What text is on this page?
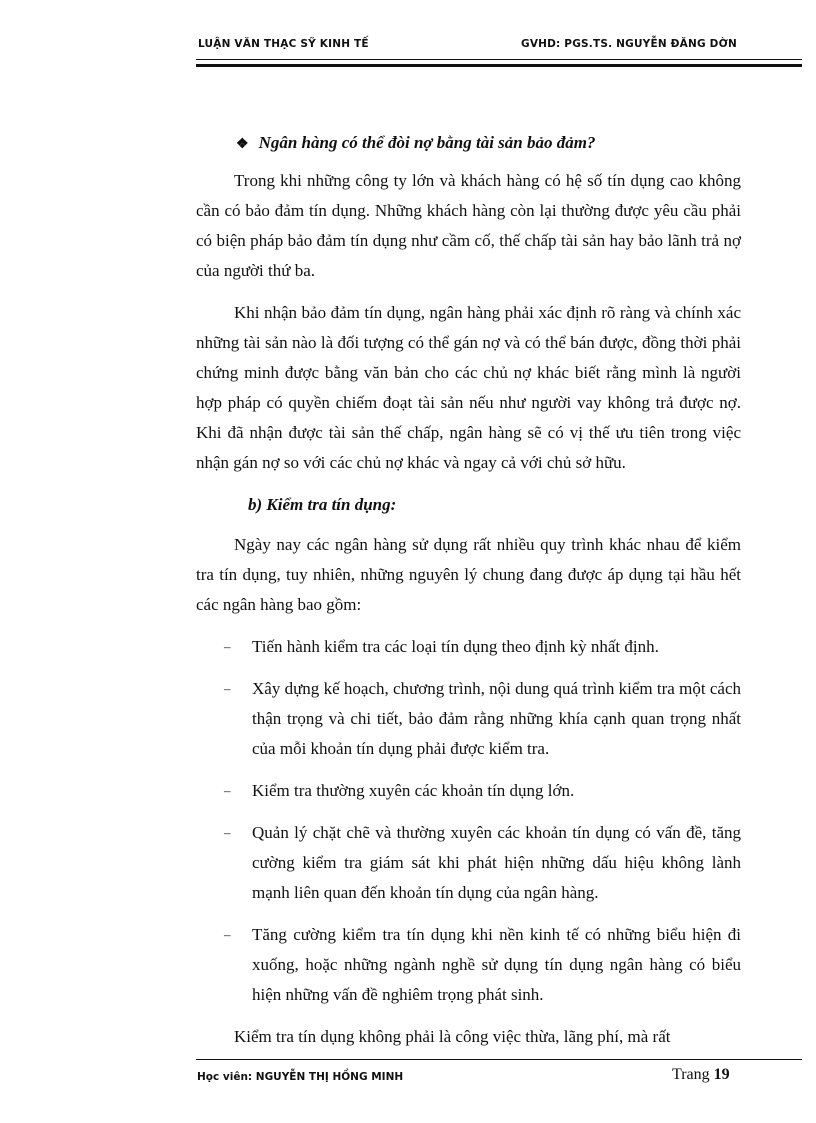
LUẬN VĂN THẠC SỸ KINH TẾ	GVHD: PGS.TS. NGUYỄN ĐĂNG DỜN

❖ Ngân hàng có thể đòi nợ bằng tài sản bảo đảm?

Trong khi những công ty lớn và khách hàng có hệ số tín dụng cao không cần có bảo đảm tín dụng. Những khách hàng còn lại thường được yêu cầu phải có biện pháp bảo đảm tín dụng như cầm cố, thế chấp tài sản hay bảo lãnh trả nợ của người thứ ba.

Khi nhận bảo đảm tín dụng, ngân hàng phải xác định rõ ràng và chính xác những tài sản nào là đối tượng có thể gán nợ và có thể bán được, đồng thời phải chứng minh được bằng văn bản cho các chủ nợ khác biết rằng mình là người hợp pháp có quyền chiếm đoạt tài sản nếu như người vay không trả được nợ. Khi đã nhận được tài sản thế chấp, ngân hàng sẽ có vị thế ưu tiên trong việc nhận gán nợ so với các chủ nợ khác và ngay cả với chủ sở hữu.

b) Kiểm tra tín dụng:

Ngày nay các ngân hàng sử dụng rất nhiều quy trình khác nhau để kiểm tra tín dụng, tuy nhiên, những nguyên lý chung đang được áp dụng tại hầu hết các ngân hàng bao gồm:

– Tiến hành kiểm tra các loại tín dụng theo định kỳ nhất định.
– Xây dựng kế hoạch, chương trình, nội dung quá trình kiểm tra một cách thận trọng và chi tiết, bảo đảm rằng những khía cạnh quan trọng nhất của mỗi khoản tín dụng phải được kiểm tra.
– Kiểm tra thường xuyên các khoản tín dụng lớn.
– Quản lý chặt chẽ và thường xuyên các khoản tín dụng có vấn đề, tăng cường kiểm tra giám sát khi phát hiện những dấu hiệu không lành mạnh liên quan đến khoản tín dụng của ngân hàng.
– Tăng cường kiểm tra tín dụng khi nền kinh tế có những biểu hiện đi xuống, hoặc những ngành nghề sử dụng tín dụng ngân hàng có biểu hiện những vấn đề nghiêm trọng phát sinh.

Kiểm tra tín dụng không phải là công việc thừa, lãng phí, mà rất

Học viên: NGUYỄN THỊ HỒNG MINH	Trang 19
